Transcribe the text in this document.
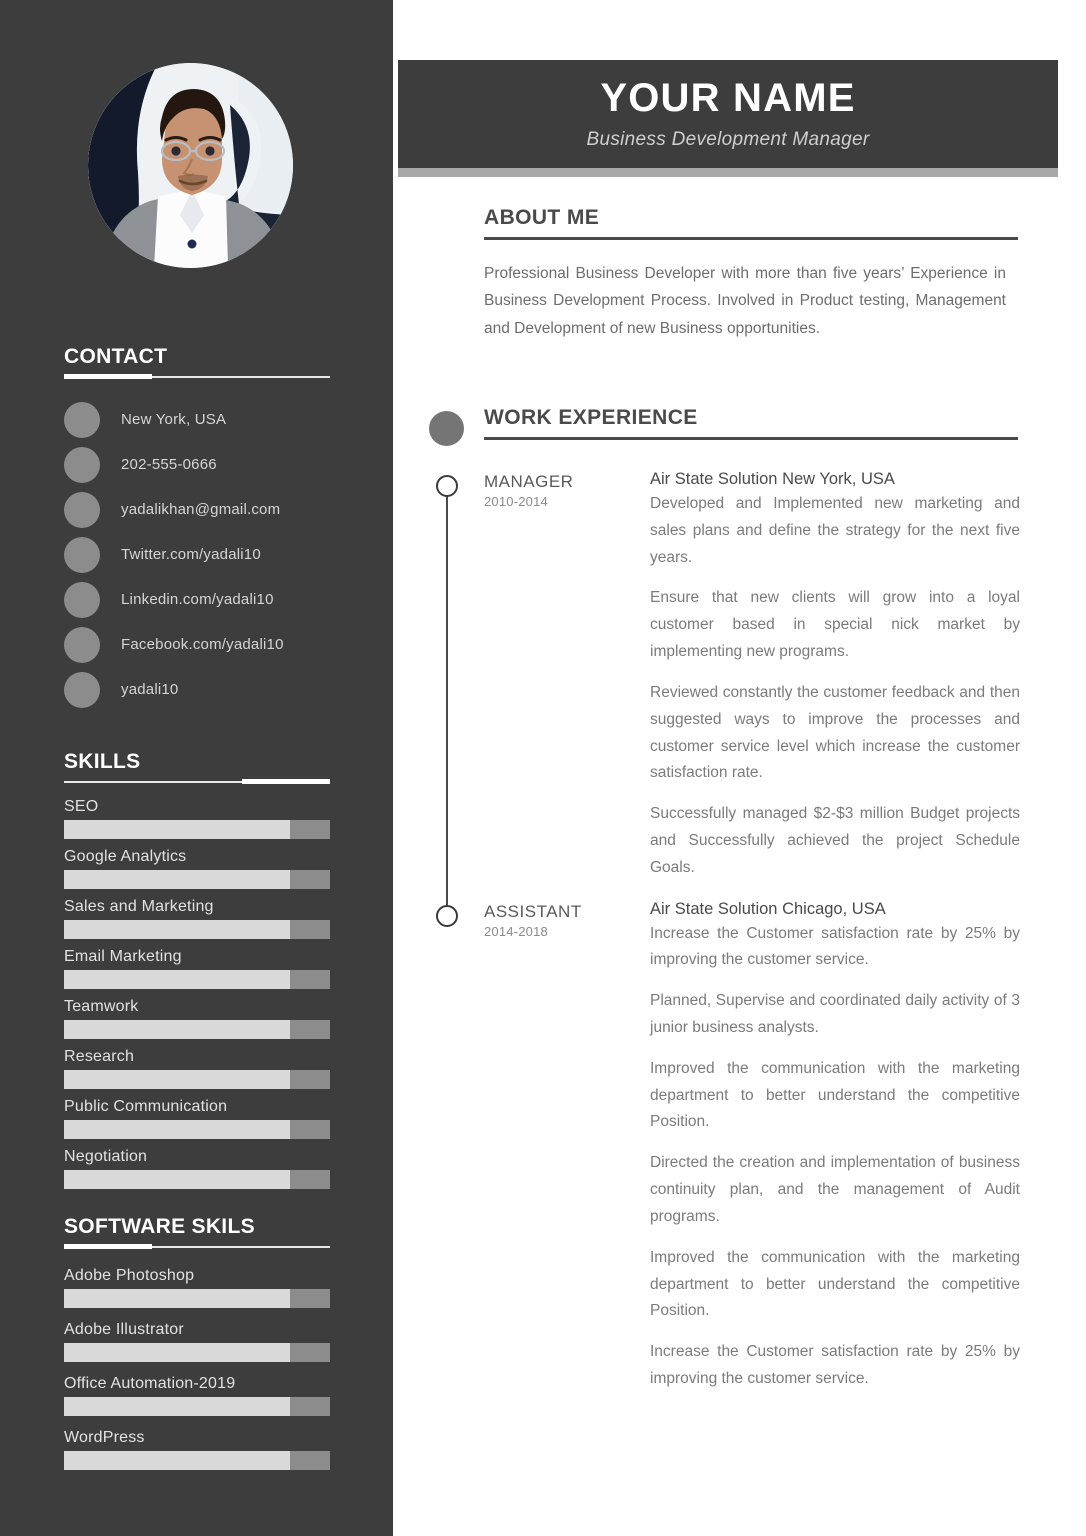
CONTACT
New York, USA
202-555-0666
yadalikhan@gmail.com
Twitter.com/yadali10
Linkedin.com/yadali10
Facebook.com/yadali10
yadali10
SKILLS
SEO
Google Analytics
Sales and Marketing
Email Marketing
Teamwork
Research
Public Communication
Negotiation
SOFTWARE SKILS
Adobe Photoshop
Adobe Illustrator
Office Automation-2019
WordPress
YOUR NAME
Business Development Manager
ABOUT ME
Professional Business Developer with more than five years’ Experience in Business Development Process. Involved in Product testing, Management and Development of new Business opportunities.
WORK EXPERIENCE
MANAGER
2010-2014
Air State Solution New York, USA
Developed and Implemented new marketing and sales plans and define the strategy for the next five years.
Ensure that new clients will grow into a loyal customer based in special nick market by implementing new programs.
Reviewed constantly the customer feedback and then suggested ways to improve the processes and customer service level which increase the customer satisfaction rate.
Successfully managed $2-$3 million Budget projects and Successfully achieved the project Schedule Goals.
ASSISTANT
2014-2018
Air State Solution Chicago, USA
Increase the Customer satisfaction rate by 25% by improving the customer service.
Planned, Supervise and coordinated daily activity of 3 junior business analysts.
Improved the communication with the marketing department to better understand the competitive Position.
Directed the creation and implementation of business continuity plan, and the management of Audit programs.
Improved the communication with the marketing department to better understand the competitive Position.
Increase the Customer satisfaction rate by 25% by improving the customer service.
